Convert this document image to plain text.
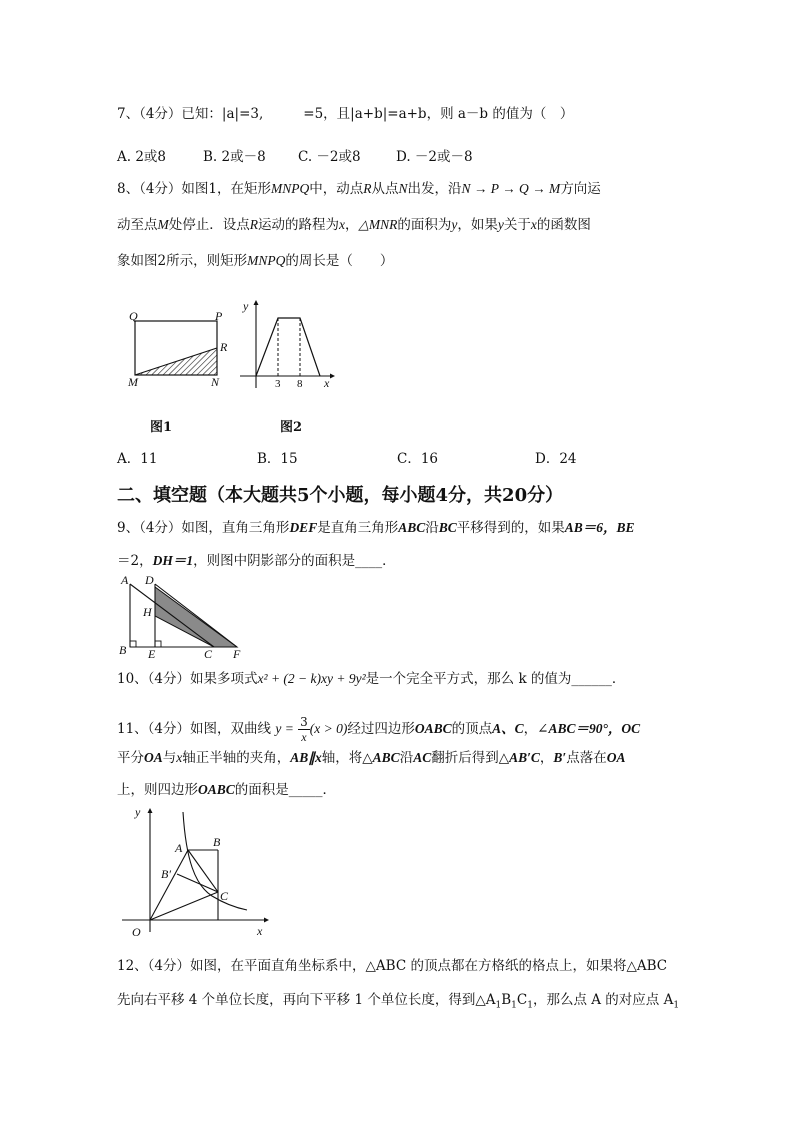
7、（4分）已知：|a|=3,	=5，且|a+b|=a+b，则 a－b 的值为（　）
A. 2或8	B. 2或－8 C. －2或8	D. －2或－8
8、（4分）如图1，在矩形MNPQ中，动点R从点N出发，沿N → P → Q → M方向运
动至点M处停止．设点R运动的路程为x，△MNR的面积为y，如果y关于x的函数图
象如图2所示，则矩形MNPQ的周长是（　　）
Q	P
R
M	N
y
x
3 8
图1	图2
A．11	B．15	C．16	D．24
二、填空题（本大题共5个小题，每小题4分，共20分）
9、（4分）如图，直角三角形DEF是直角三角形ABC沿BC平移得到的，如果AB＝6，BE
＝2，DH＝1，则图中阴影部分的面积是____．
A D
H
B E	C F
10、（4分）如果多项式x² + (2 − k)xy + 9y²是一个完全平方式，那么 k 的值为______．
11、（4分）如图，双曲线 $y = \frac{3}{x} (x > 0)$经过四边形OABC的顶点A、C，∠ABC＝90°，OC
平分OA与x轴正半轴的夹角，AB∥x轴，将△ABC沿AC翻折后得到△AB′C，B′点落在OA
上，则四边形OABC的面积是_____．
y
x
O
A	B
B′
C
12、（4分）如图，在平面直角坐标系中，△ABC 的顶点都在方格纸的格点上，如果将△ABC
先向右平移 4 个单位长度，再向下平移 1 个单位长度，得到$\triangle A_1B_1C_1$，那么点 A 的对应点 $A_1$
